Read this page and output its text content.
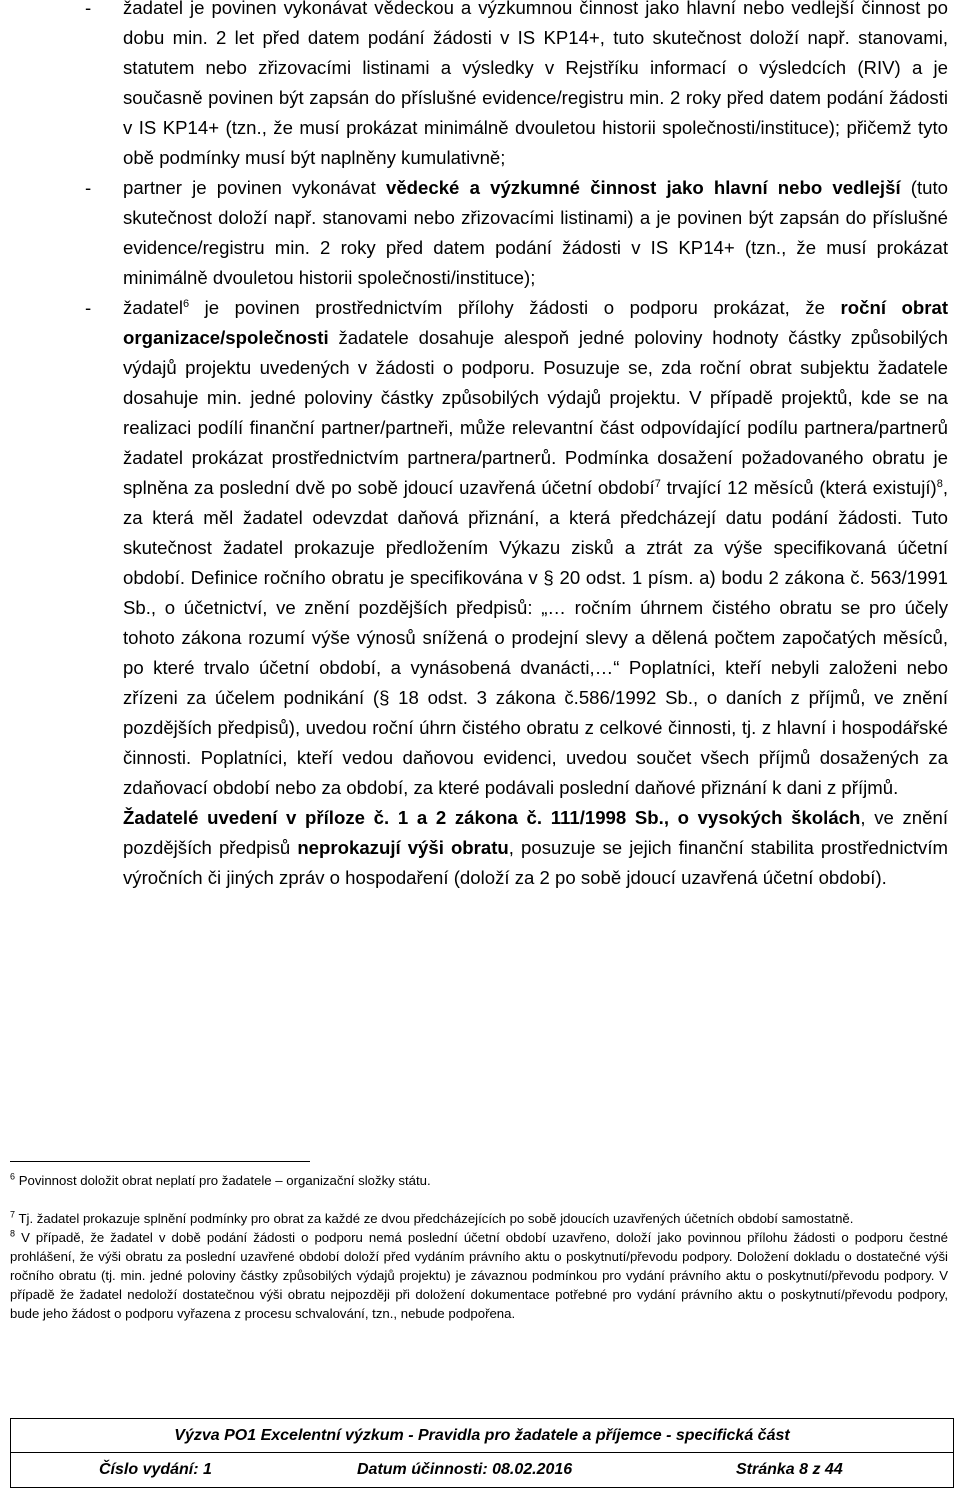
- žadatel je povinen vykonávat vědeckou a výzkumnou činnost jako hlavní nebo vedlejší činnost po dobu min. 2 let před datem podání žádosti v IS KP14+, tuto skutečnost doloží např. stanovami, statutem nebo zřizovacími listinami a výsledky v Rejstříku informací o výsledcích (RIV) a je současně povinen být zapsán do příslušné evidence/registru min. 2 roky před datem podání žádosti v IS KP14+ (tzn., že musí prokázat minimálně dvouletou historii společnosti/instituce); přičemž tyto obě podmínky musí být naplněny kumulativně;
- partner je povinen vykonávat vědecké a výzkumné činnost jako hlavní nebo vedlejší (tuto skutečnost doloží např. stanovami nebo zřizovacími listinami) a je povinen být zapsán do příslušné evidence/registru min. 2 roky před datem podání žádosti v IS KP14+ (tzn., že musí prokázat minimálně dvouletou historii společnosti/instituce);
- žadatel$^6$ je povinen prostřednictvím přílohy žádosti o podporu prokázat, že roční obrat organizace/společnosti žadatele dosahuje alespoň jedné poloviny hodnoty částky způsobilých výdajů projektu uvedených v žádosti o podporu. Posuzuje se, zda roční obrat subjektu žadatele dosahuje min. jedné poloviny částky způsobilých výdajů projektu. V případě projektů, kde se na realizaci podílí finanční partner/partneři, může relevantní část odpovídající podílu partnera/partnerů žadatel prokázat prostřednictvím partnera/partnerů. Podmínka dosažení požadovaného obratu je splněna za poslední dvě po sobě jdoucí uzavřená účetní období$^7$ trvající 12 měsíců (která existují)$^8$, za která měl žadatel odevzdat daňová přiznání, a která předcházejí datu podání žádosti. Tuto skutečnost žadatel prokazuje předložením Výkazu zisků a ztrát za výše specifikovaná účetní období. Definice ročního obratu je specifikována v § 20 odst. 1 písm. a) bodu 2 zákona č. 563/1991 Sb., o účetnictví, ve znění pozdějších předpisů: „… ročním úhrnem čistého obratu se pro účely tohoto zákona rozumí výše výnosů snížená o prodejní slevy a dělená počtem započatých měsíců, po které trvalo účetní období, a vynásobená dvanácti,…“ Poplatníci, kteří nebyli založeni nebo zřízeni za účelem podnikání (§ 18 odst. 3 zákona č.586/1992 Sb., o daních z příjmů, ve znění pozdějších předpisů), uvedou roční úhrn čistého obratu z celkové činnosti, tj. z hlavní i hospodářské činnosti. Poplatníci, kteří vedou daňovou evidenci, uvedou součet všech příjmů dosažených za zdaňovací období nebo za období, za které podávali poslední daňové přiznání k dani z příjmů.
Žadatelé uvedení v příloze č. 1 a 2 zákona č. 111/1998 Sb., o vysokých školách, ve znění pozdějších předpisů neprokazují výši obratu, posuzuje se jejich finanční stabilita prostřednictvím výročních či jiných zpráv o hospodaření (doloží za 2 po sobě jdoucí uzavřená účetní období).

$^6$ Povinnost doložit obrat neplatí pro žadatele – organizační složky státu.

$^7$ Tj. žadatel prokazuje splnění podmínky pro obrat za každé ze dvou předcházejících po sobě jdoucích uzavřených účetních období samostatně.

$^8$ V případě, že žadatel v době podání žádosti o podporu nemá poslední účetní období uzavřeno, doloží jako povinnou přílohu žádosti o podporu čestné prohlášení, že výši obratu za poslední uzavřené období doloží před vydáním právního aktu o poskytnutí/převodu podpory. Doložení dokladu o dostatečné výši ročního obratu (tj. min. jedné poloviny částky způsobilých výdajů projektu) je závaznou podmínkou pro vydání právního aktu o poskytnutí/převodu podpory. V případě že žadatel nedoloží dostatečnou výši obratu nejpozději při doložení dokumentace potřebné pro vydání právního aktu o poskytnutí/převodu podpory, bude jeho žádost o podporu vyřazena z procesu schvalování, tzn., nebude podpořena.

Výzva PO1 Excelentní výzkum - Pravidla pro žadatele a příjemce - specifická část
Číslo vydání: 1	Datum účinnosti: 08.02.2016	Stránka 8 z 44
